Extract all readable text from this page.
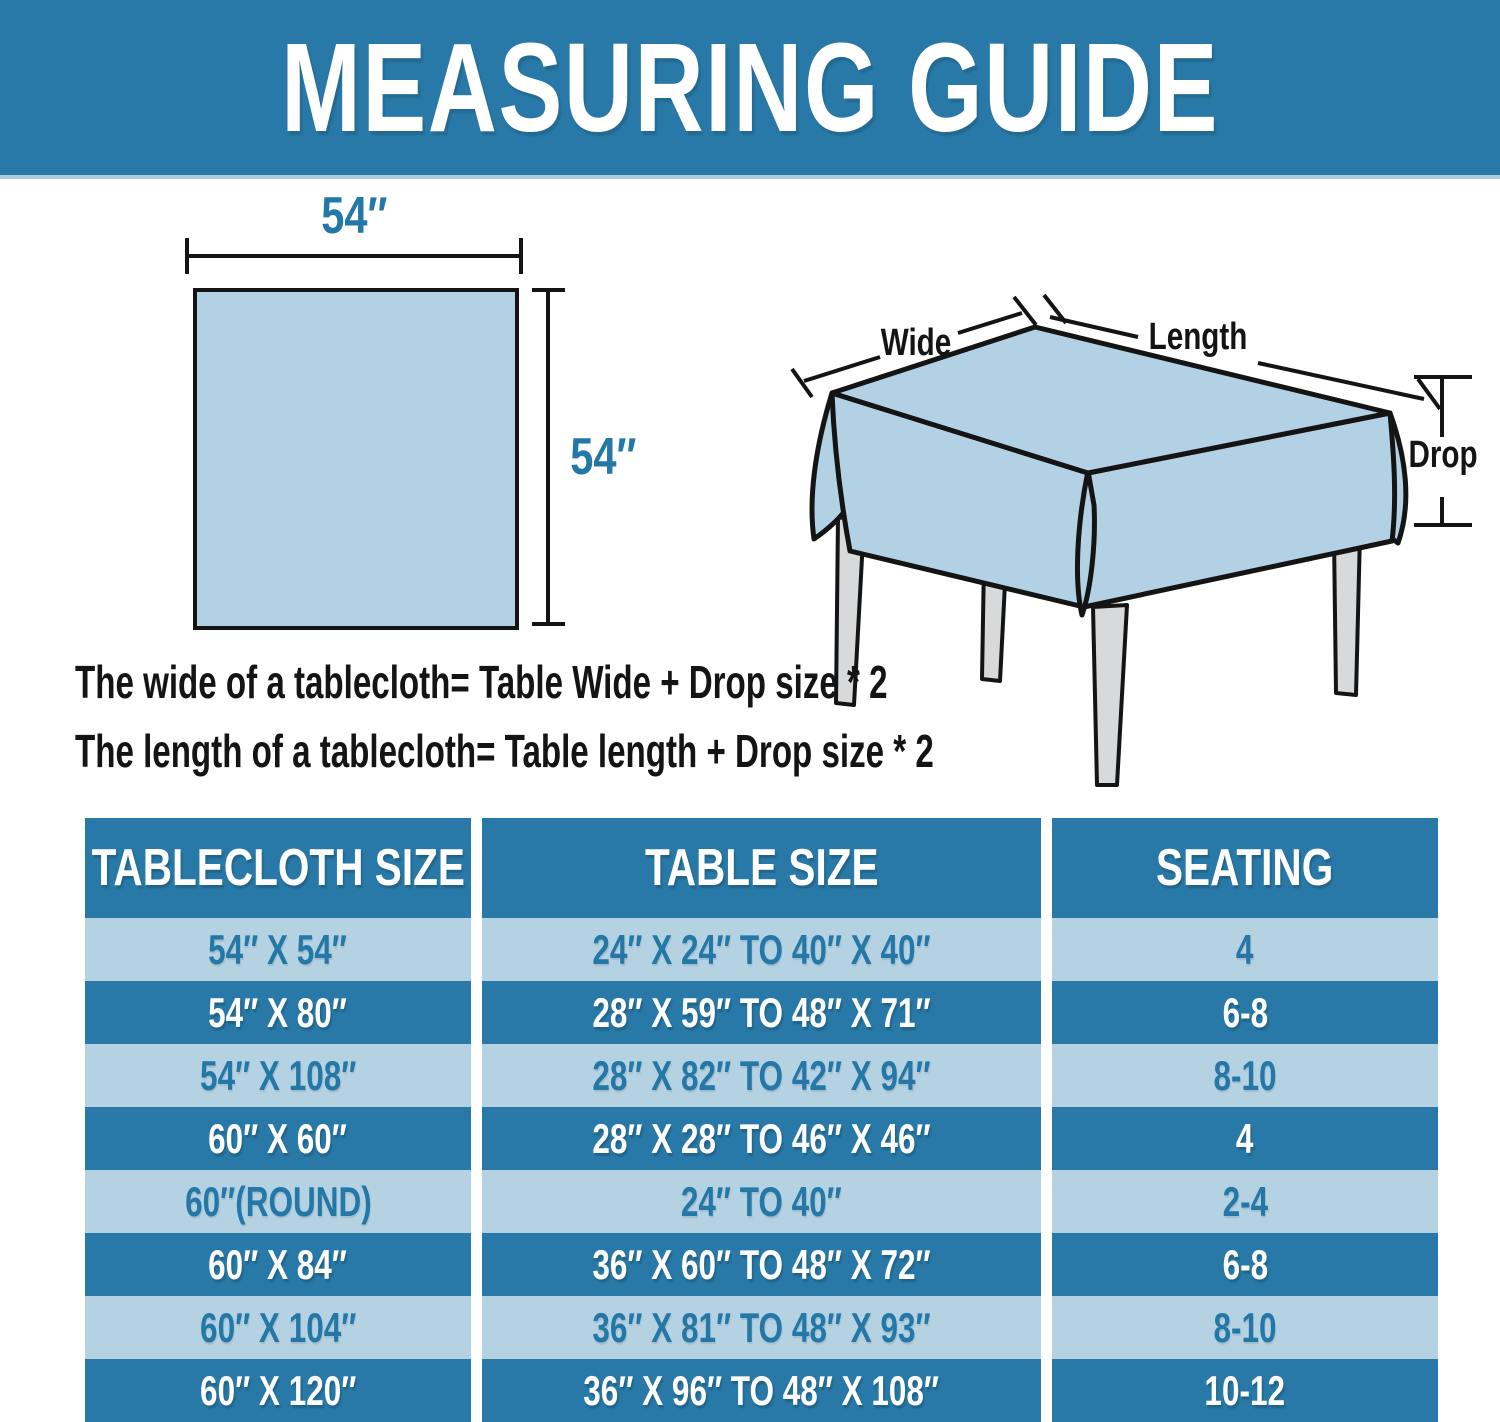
MEASURING GUIDE
54″
54″
Wide	Length
Drop

The wide of a tablecloth= Table Wide + Drop size * 2

The length of a tablecloth= Table length + Drop size * 2

TABLECLOTH SIZE	TABLE SIZE	SEATING
54″ X 54″	24″ X 24″ TO 40″ X 40″	4
54″ X 80″	28″ X 59″ TO 48″ X 71″	6-8
54″ X 108″	28″ X 82″ TO 42″ X 94″	8-10
60″ X 60″	28″ X 28″ TO 46″ X 46″	4
60″(ROUND)	24″ TO 40″	2-4
60″ X 84″	36″ X 60″ TO 48″ X 72″	6-8
60″ X 104″	36″ X 81″ TO 48″ X 93″	8-10
60″ X 120″	36″ X 96″ TO 48″ X 108″	10-12
